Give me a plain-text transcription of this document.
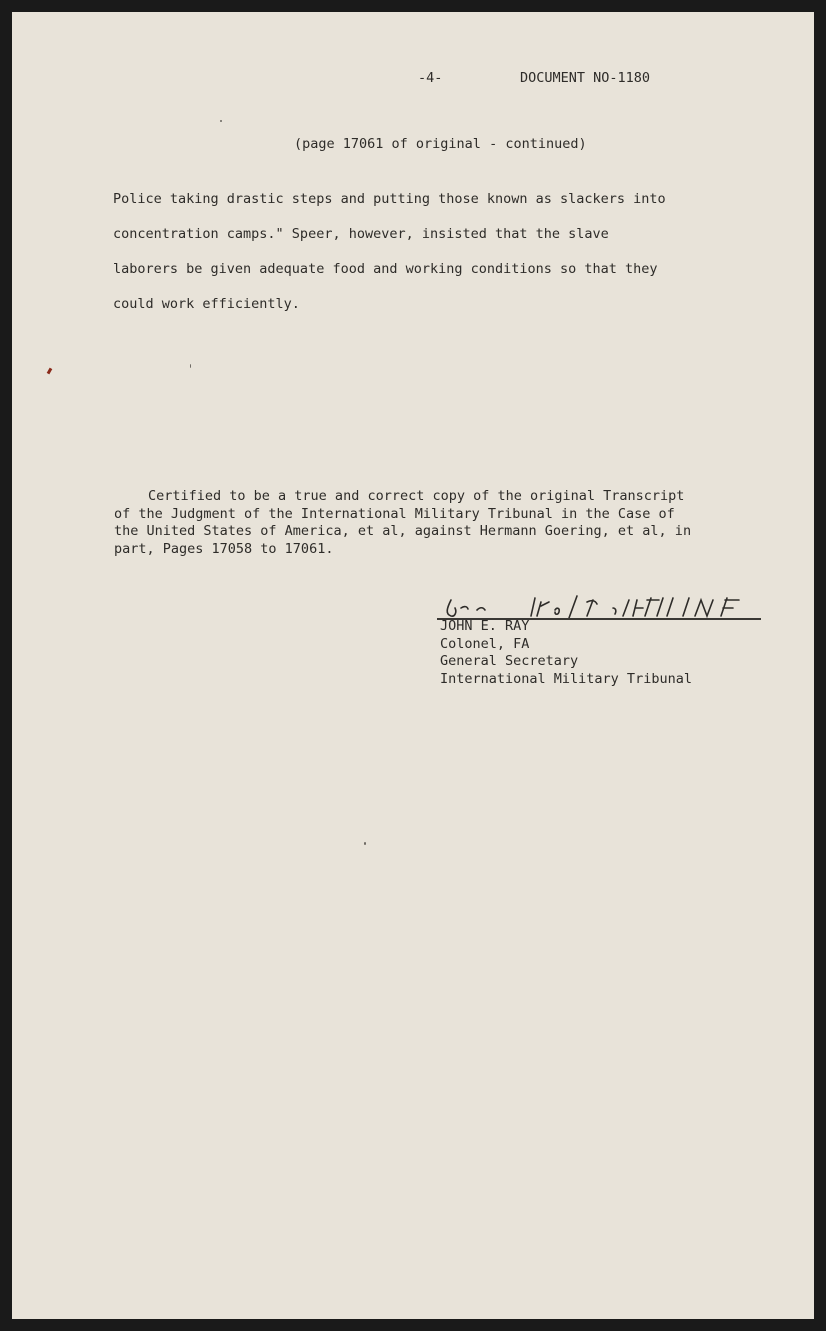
-4-	DOCUMENT NO-1180
(page 17061 of original - continued)
Police taking drastic steps and putting those known as slackers into
concentration camps." Speer, however, insisted that the slave
laborers be given adequate food and working conditions so that they
could work efficiently.
Certified to be a true and correct copy of the original Transcript
of the Judgment of the International Military Tribunal in the Case of
the United States of America, et al, against Hermann Goering, et al, in
part, Pages 17058 to 17061.
JOHN E. RAY
Colonel, FA
General Secretary
International Military Tribunal
